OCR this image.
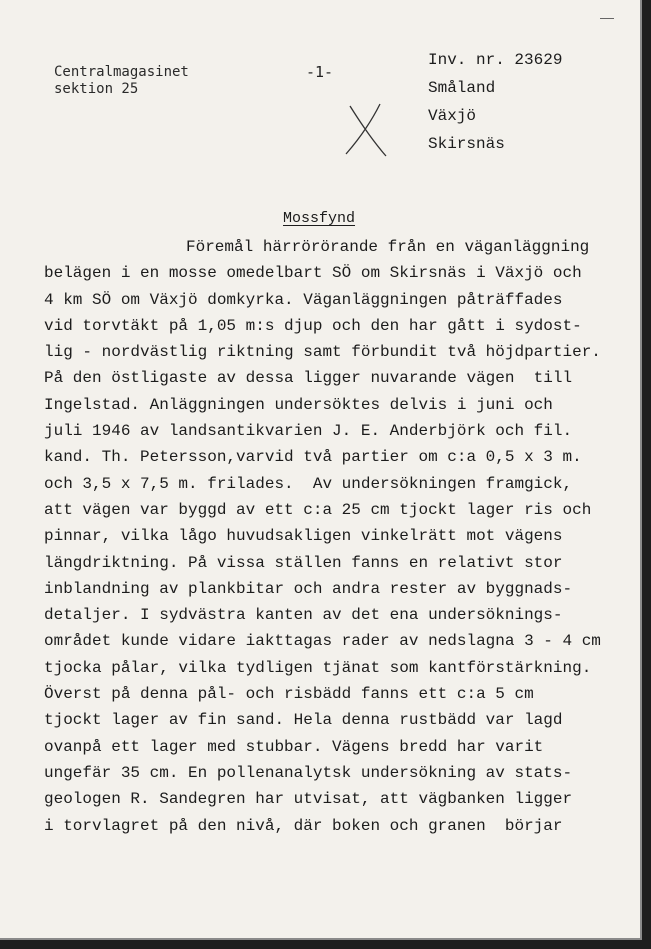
Centralmagasinet
sektion 25
-1-
Inv. nr. 23629
Småland
Växjö
Skirsnäs
Mossfynd
Föremål härrörörande från en väganläggning
belägen i en mosse omedelbart SÖ om Skirsnäs i Växjö och
4 km SÖ om Växjö domkyrka. Väganläggningen påträffades
vid torvtäkt på 1,05 m:s djup och den har gått i sydost-
lig - nordvästlig riktning samt förbundit två höjdpartier.
På den östligaste av dessa ligger nuvarande vägen  till
Ingelstad. Anläggningen undersöktes delvis i juni och
juli 1946 av landsantikvarien J. E. Anderbjörk och fil.
kand. Th. Petersson,varvid två partier om c:a 0,5 x 3 m.
och 3,5 x 7,5 m. frilades.  Av undersökningen framgick,
att vägen var byggd av ett c:a 25 cm tjockt lager ris och
pinnar, vilka lågo huvudsakligen vinkelrätt mot vägens
längdriktning. På vissa ställen fanns en relativt stor
inblandning av plankbitar och andra rester av byggnads-
detaljer. I sydvästra kanten av det ena undersöknings-
området kunde vidare iakttagas rader av nedslagna 3 - 4 cm
tjocka pålar, vilka tydligen tjänat som kantförstärkning.
Överst på denna pål- och risbädd fanns ett c:a 5 cm
tjockt lager av fin sand. Hela denna rustbädd var lagd
ovanpå ett lager med stubbar. Vägens bredd har varit
ungefär 35 cm. En pollenanalytsk undersökning av stats-
geologen R. Sandegren har utvisat, att vägbanken ligger
i torvlagret på den nivå, där boken och granen  börjar
